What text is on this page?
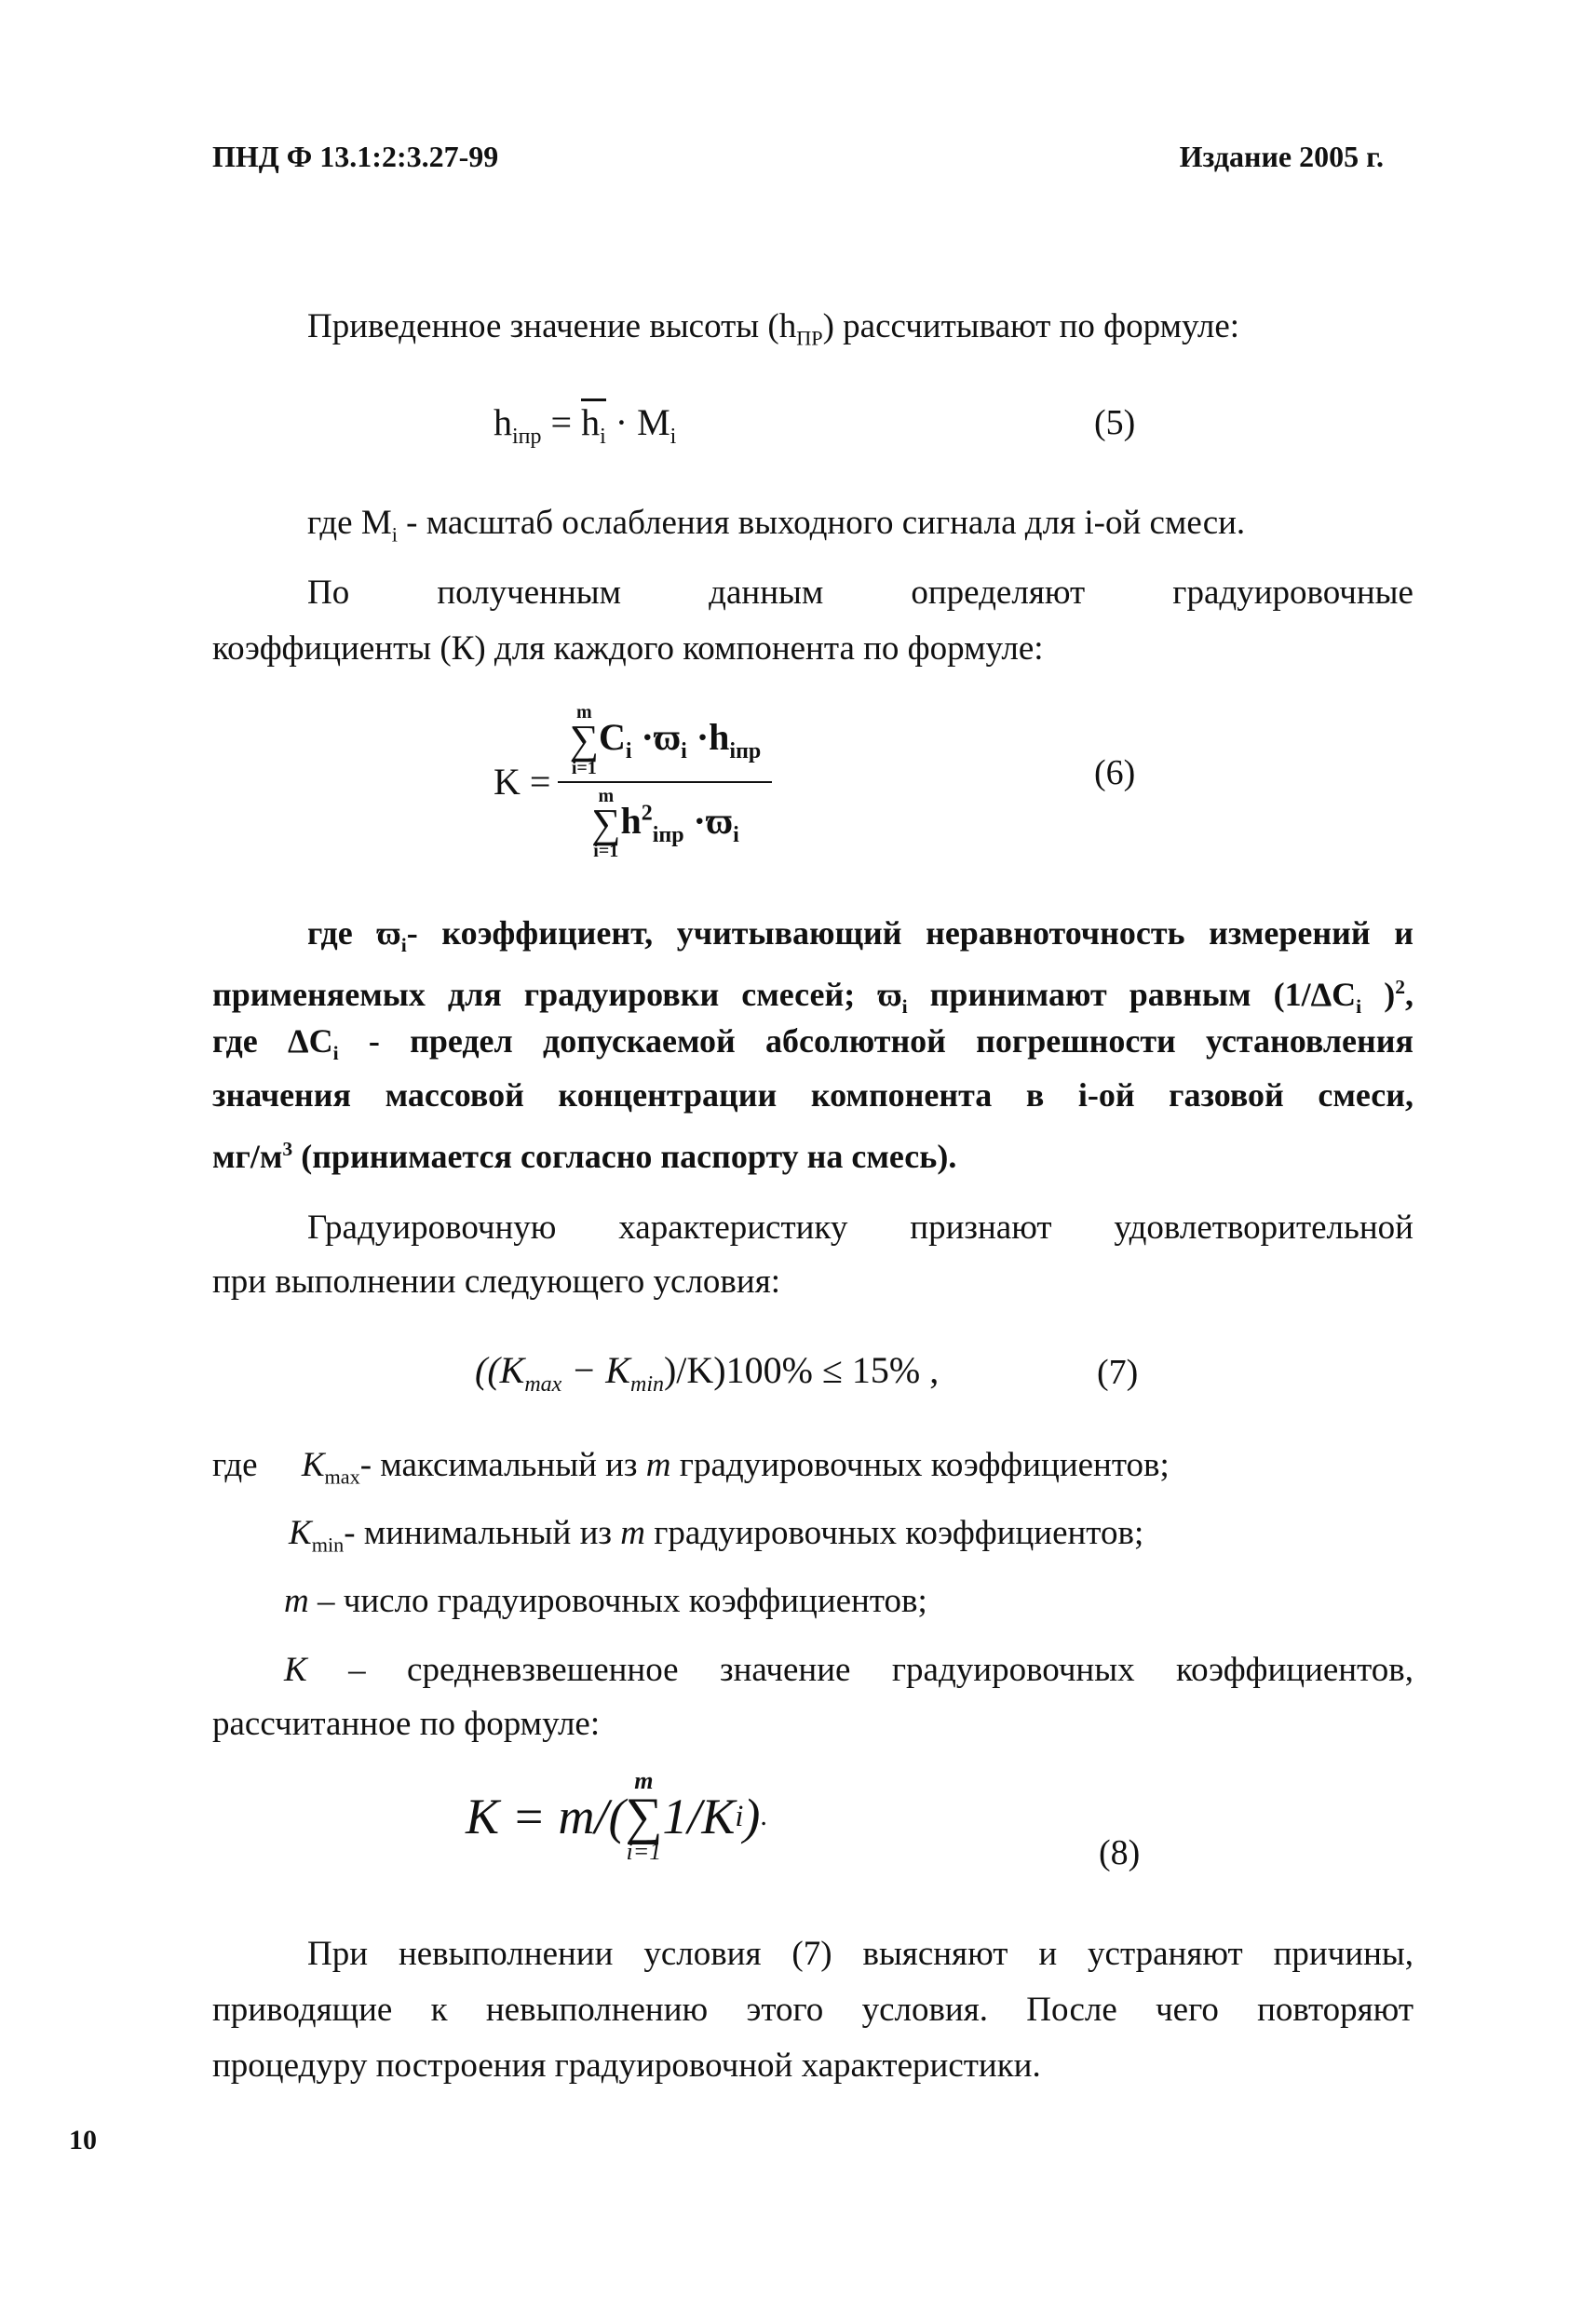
ПНД Ф 13.1:2:3.27-99	Издание 2005 г.
Приведенное значение высоты $(h_{ПР})$ рассчитывают по формуле:
$h_{iпр} = h_i \cdot M_i$	(5)
где $M_i$ - масштаб ослабления выходного сигнала для i-ой смеси.
По	полученным	данным	определяют	градуировочные
коэффициенты (К) для каждого компонента по формуле:
K = m
∑
i=1
$C_i \cdot ϖ_i \cdot h_{iпр}$
m
∑
i=1
$h^2_{iпр} \cdot ϖ_i$	(6)
где $ϖ_i-$ коэффициент, учитывающий неравноточность измерений и
применяемых для градуировки смесей; $ϖ_i$ принимают равным ($1/\Delta C_i$ )$^2$,
где $\Delta C_i$ - предел допускаемой абсолютной погрешности установления
значения массовой концентрации компонента в i-ой газовой смеси,
$мг/м^3$ (принимается согласно паспорту на смесь).
Градуировочную характеристику признают удовлетворительной
при выполнении следующего условия:
$((K_{max} - K_{min})/K)100\% \le 15\%$ ,	(7)
где $K_{max}-$ максимальный из m градуировочных коэффициентов;
$K_{min}-$ минимальный из m градуировочных коэффициентов;
m – число градуировочных коэффициентов;
K – средневзвешенное значение градуировочных коэффициентов,
рассчитанное по формуле:
K = m/(
m
∑
i=1
1/K i ) .
(8)
При невыполнении условия (7) выясняют и устраняют причины,
приводящие к невыполнению этого условия. После чего повторяют
процедуру построения градуировочной характеристики.
10
